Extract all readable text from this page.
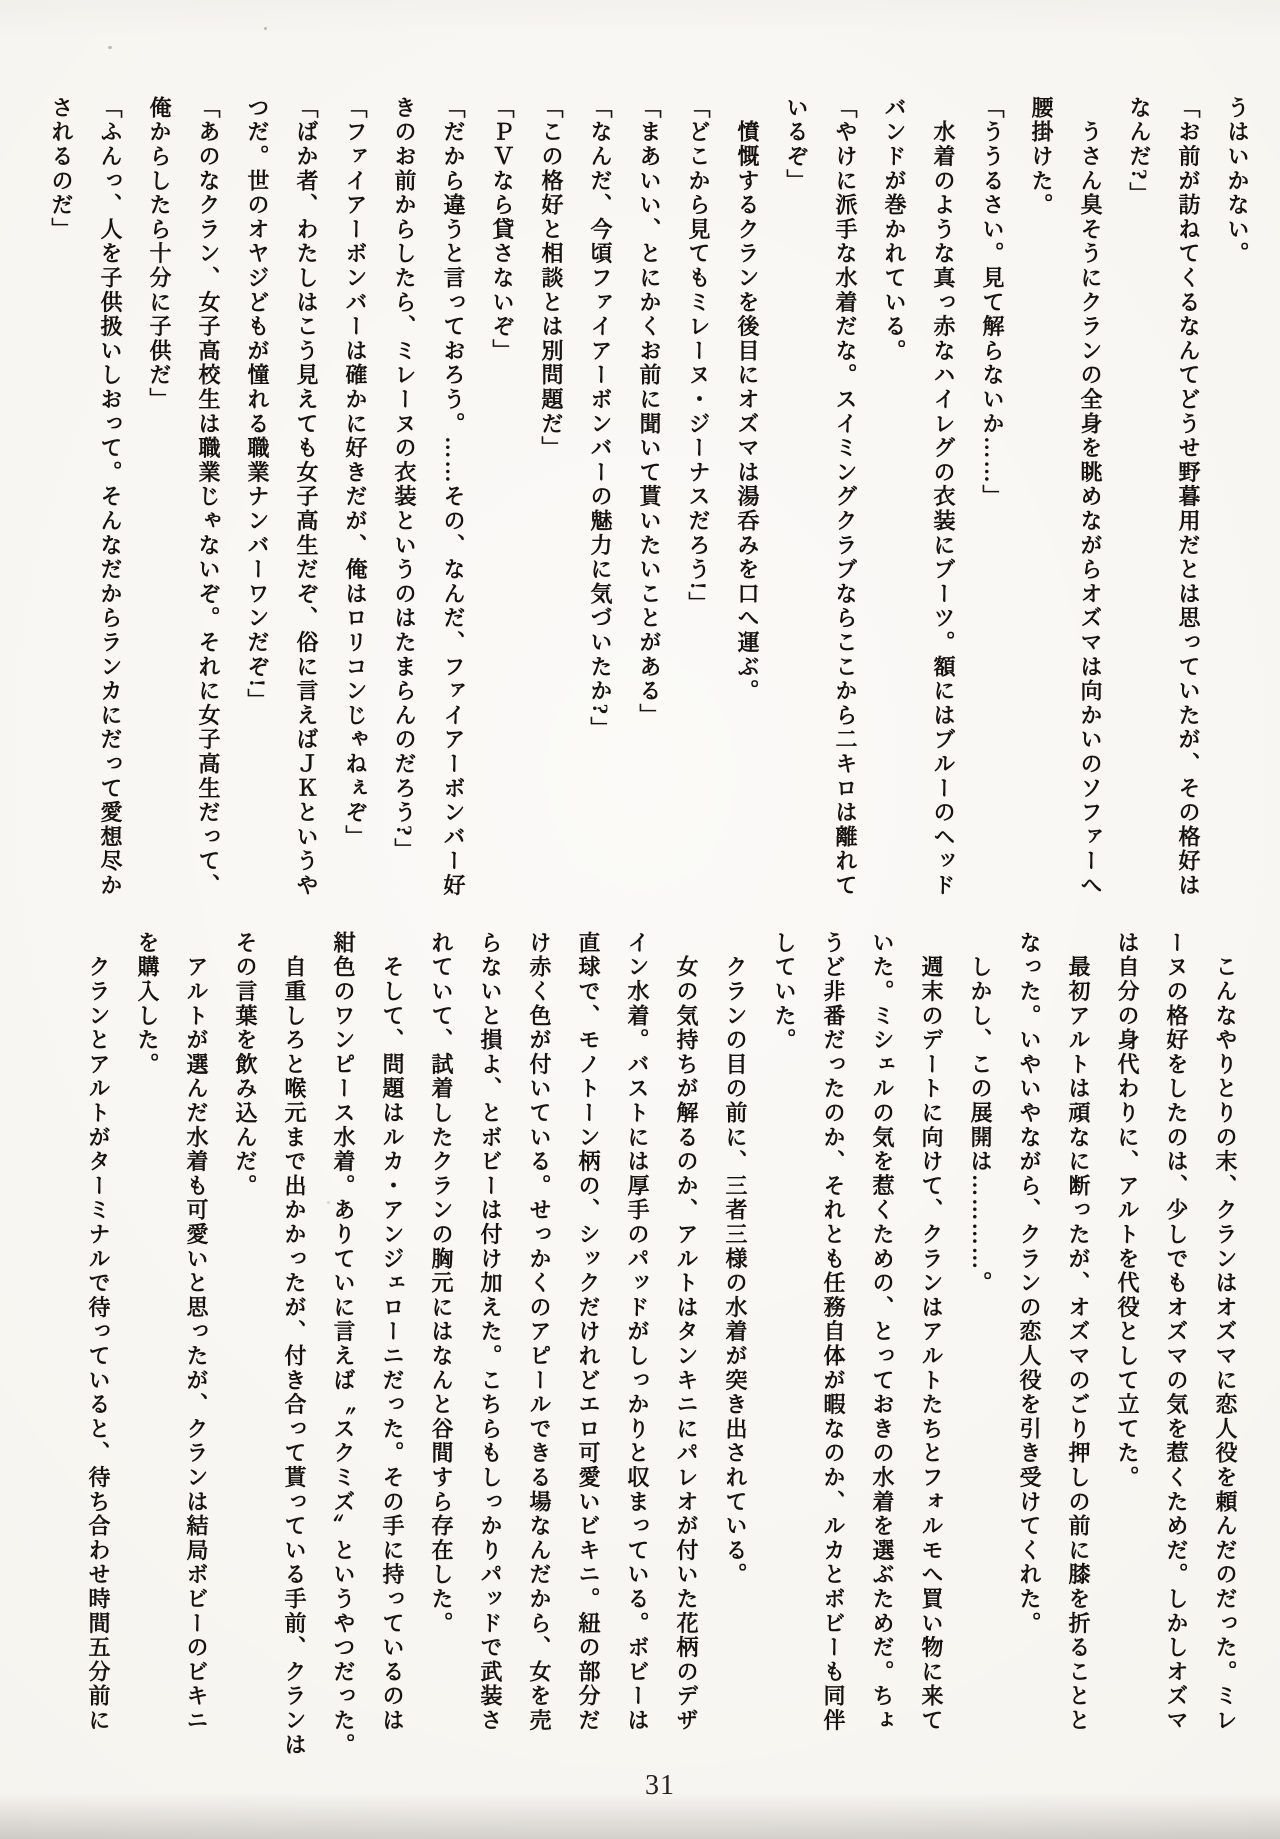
うはいかない。

「お前が訪ねてくるなんてどうせ野暮用だとは思っていたが、その格好は

なんだ?」

　うさん臭そうにクランの全身を眺めながらオズマは向かいのソファーへ

腰掛けた。

「ううるさい。見て解らないか……」

　水着のような真っ赤なハイレグの衣装にブーツ。額にはブルーのヘッド

バンドが巻かれている。

「やけに派手な水着だな。スイミングクラブならここから二キロは離れて

いるぞ」

　憤慨するクランを後目にオズマは湯呑みを口へ運ぶ。

「どこから見てもミレーヌ・ジーナスだろう!」

「まあいい、とにかくお前に聞いて貰いたいことがある」

「なんだ、今頃ファイアーボンバーの魅力に気づいたか?」

「この格好と相談とは別問題だ」

「ＰＶなら貸さないぞ」

「だから違うと言っておろう。……その、なんだ、ファイアーボンバー好

きのお前からしたら、ミレーヌの衣装というのはたまらんのだろう?」

「ファイアーボンバーは確かに好きだが、俺はロリコンじゃねぇぞ」

「ばか者、わたしはこう見えても女子高生だぞ、俗に言えばＪＫというや

つだ。世のオヤジどもが憧れる職業ナンバーワンだぞ!」

「あのなクラン、女子高校生は職業じゃないぞ。それに女子高生だって、

俺からしたら十分に子供だ」

「ふんっ、人を子供扱いしおって。そんなだからランカにだって愛想尽か

されるのだ」

　こんなやりとりの末、クランはオズマに恋人役を頼んだのだった。ミレ

ーヌの格好をしたのは、少しでもオズマの気を惹くためだ。しかしオズマ

は自分の身代わりに、アルトを代役として立てた。

　最初アルトは頑なに断ったが、オズマのごり押しの前に膝を折ることと

なった。いやいやながら、クランの恋人役を引き受けてくれた。

　しかし、この展開は…………。

　週末のデートに向けて、クランはアルトたちとフォルモへ買い物に来て

いた。ミシェルの気を惹くための、とっておきの水着を選ぶためだ。ちょ

うど非番だったのか、それとも任務自体が暇なのか、ルカとボビーも同伴

していた。

　クランの目の前に、三者三様の水着が突き出されている。

　女の気持ちが解るのか、アルトはタンキニにパレオが付いた花柄のデザ

イン水着。バストには厚手のパッドがしっかりと収まっている。ボビーは

直球で、モノトーン柄の、シックだけれどエロ可愛いビキニ。紐の部分だ

け赤く色が付いている。せっかくのアピールできる場なんだから、女を売

らないと損よ、とボビーは付け加えた。こちらもしっかりパッドで武装さ

れていて、試着したクランの胸元にはなんと谷間すら存在した。

　そして、問題はルカ・アンジェローニだった。その手に持っているのは

紺色のワンピース水着。ありていに言えば〝スクミズ〟というやつだった。

　自重しろと喉元まで出かかったが、付き合って貰っている手前、クランは

その言葉を飲み込んだ。

　アルトが選んだ水着も可愛いと思ったが、クランは結局ボビーのビキニ

を購入した。

　クランとアルトがターミナルで待っていると、待ち合わせ時間五分前に

31
